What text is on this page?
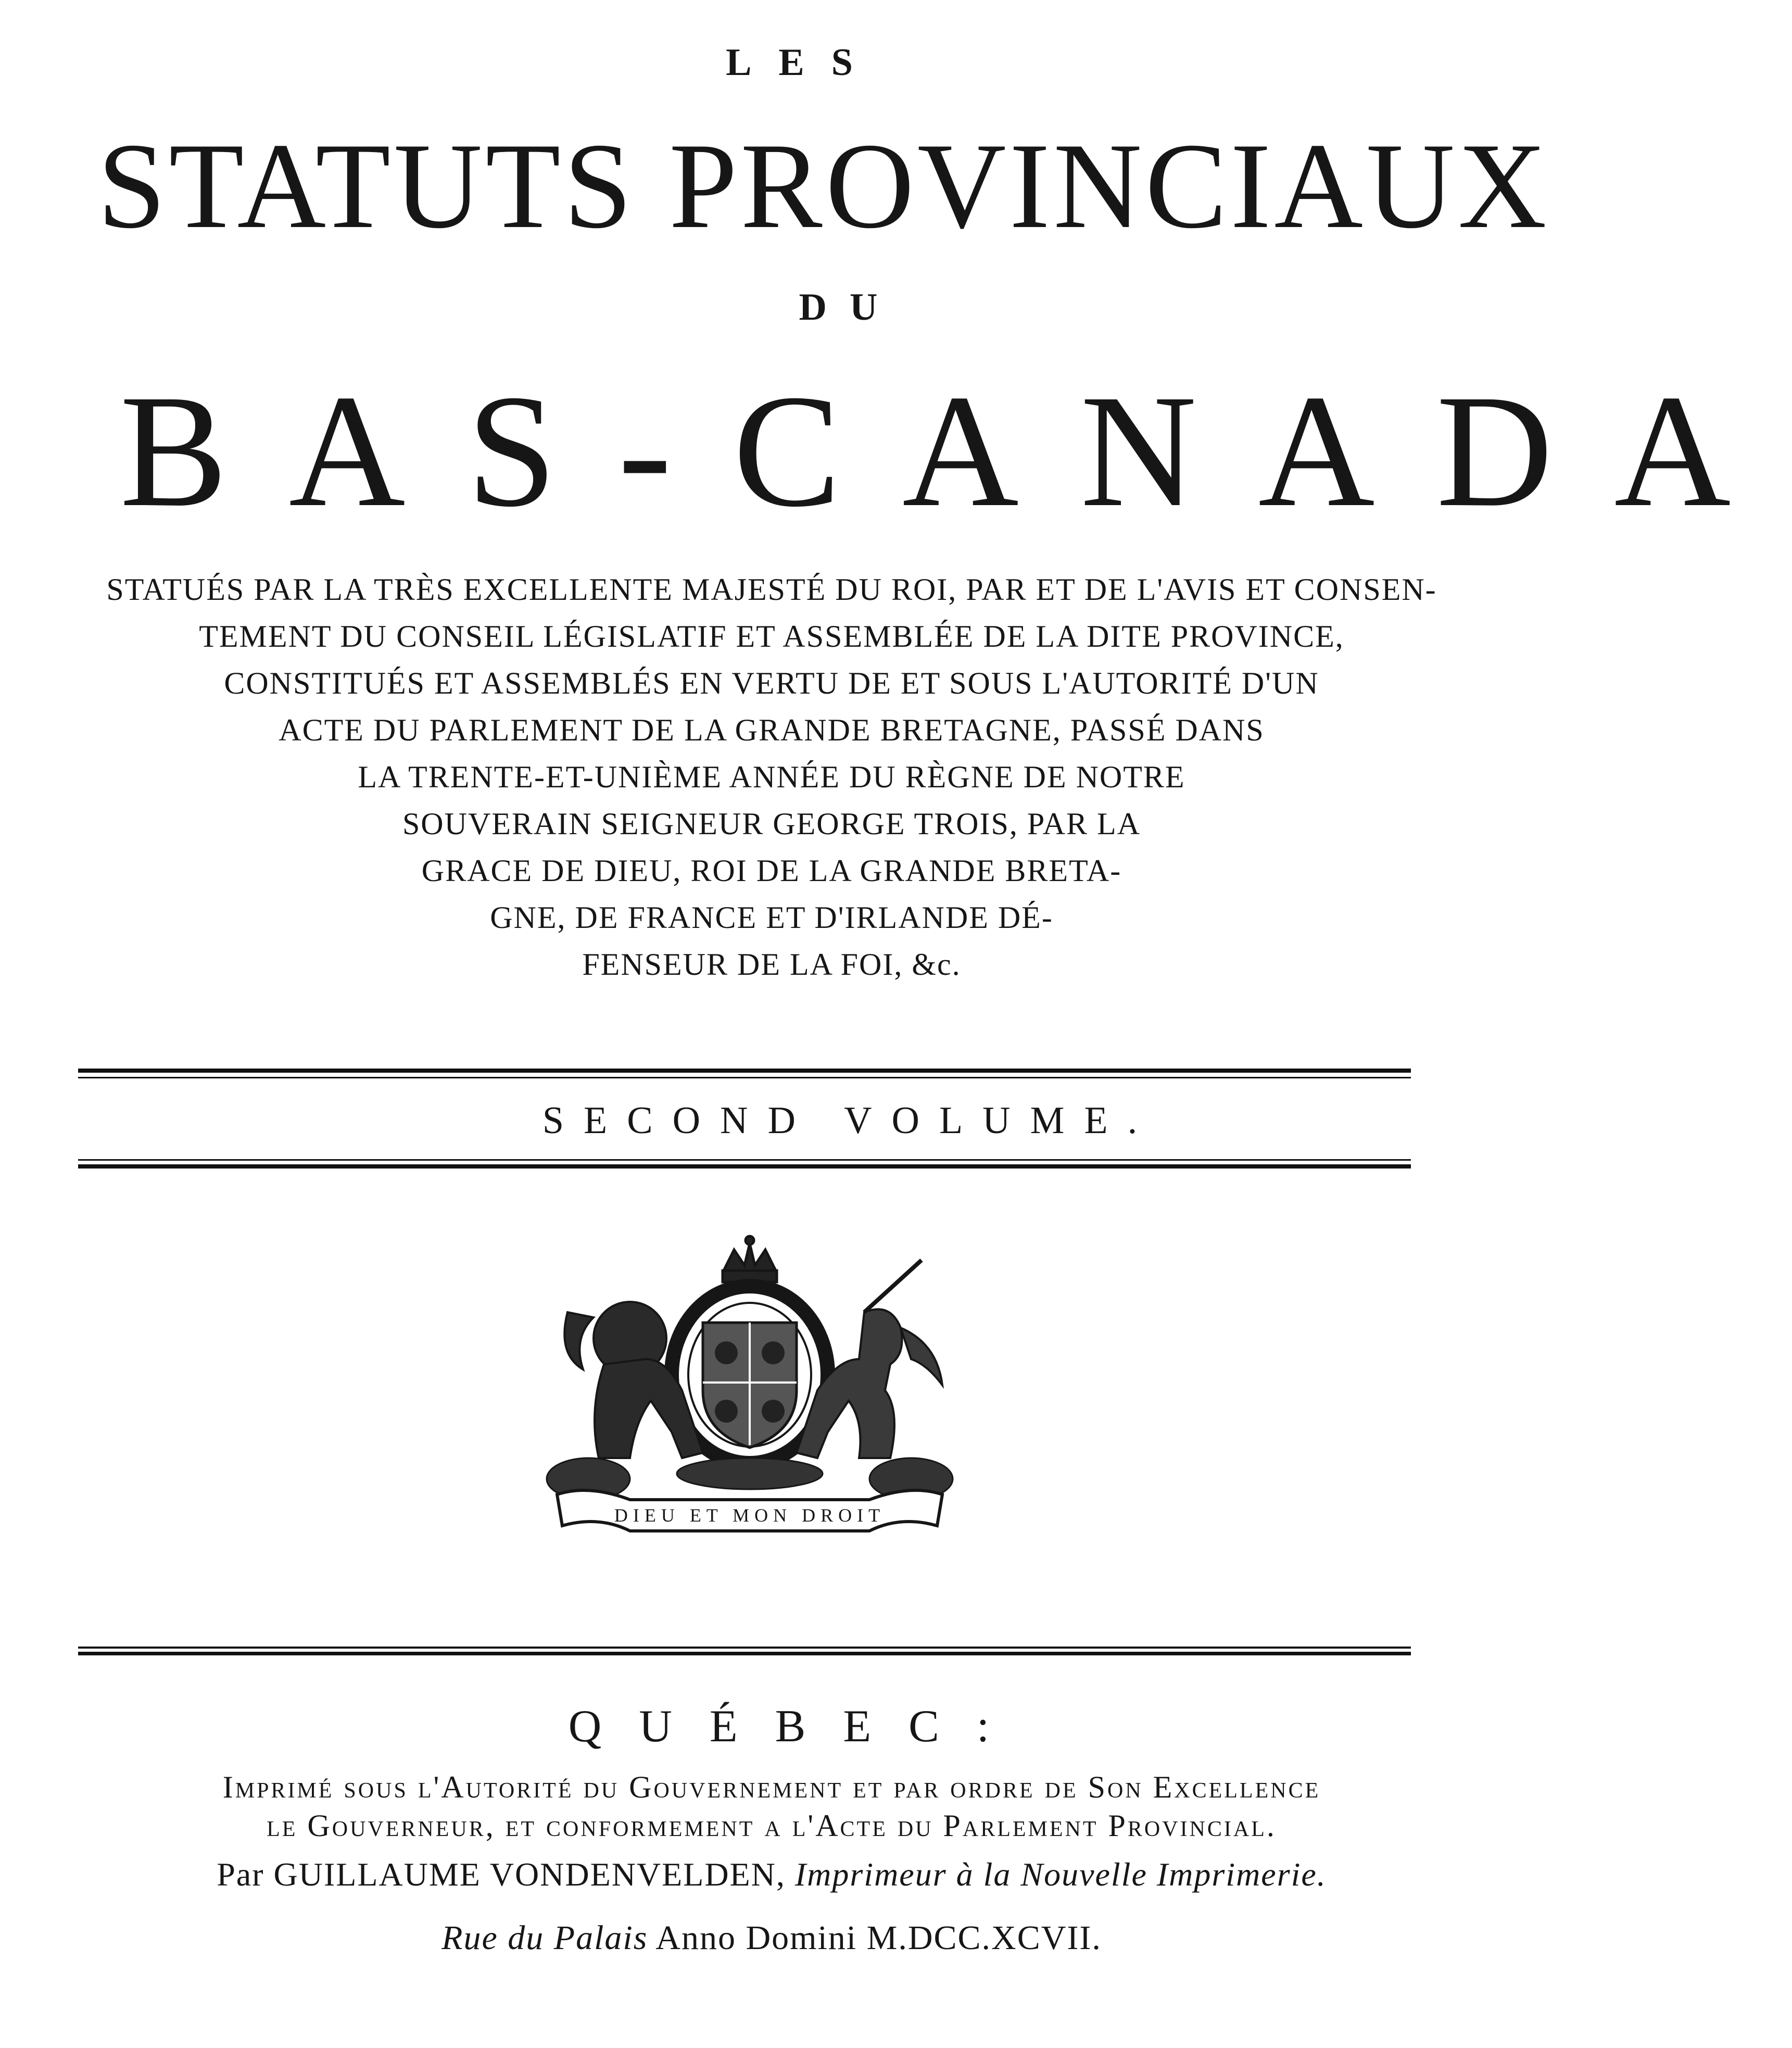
LES
STATUTS PROVINCIAUX
DU
BAS-CANADA
STATUÉS PAR LA TRÈS EXCELLENTE MAJESTÉ DU ROI, PAR ET DE L'AVIS ET CONSEN-
TEMENT DU CONSEIL LÉGISLATIF ET ASSEMBLÉE DE LA DITE PROVINCE,
CONSTITUÉS ET ASSEMBLÉS EN VERTU DE ET SOUS L'AUTORITÉ D'UN
ACTE DU PARLEMENT DE LA GRANDE BRETAGNE, PASSÉ DANS
LA TRENTE-ET-UNIÈME ANNÉE DU RÈGNE DE NOTRE
SOUVERAIN SEIGNEUR GEORGE TROIS, PAR LA
GRACE DE DIEU, ROI DE LA GRANDE BRETA-
GNE, DE FRANCE ET D'IRLANDE DÉ-
FENSEUR DE LA FOI, &c.
SECOND VOLUME.
DIEU ET MON DROIT
QUÉBEC:
Imprimé sous l'Autorité du Gouvernement et par ordre de Son Excellence
le Gouverneur, et conformement a l'Acte du Parlement Provincial.
Par GUILLAUME VONDENVELDEN, Imprimeur à la Nouvelle Imprimerie.
Rue du Palais Anno Domini M.DCC.XCVII.
